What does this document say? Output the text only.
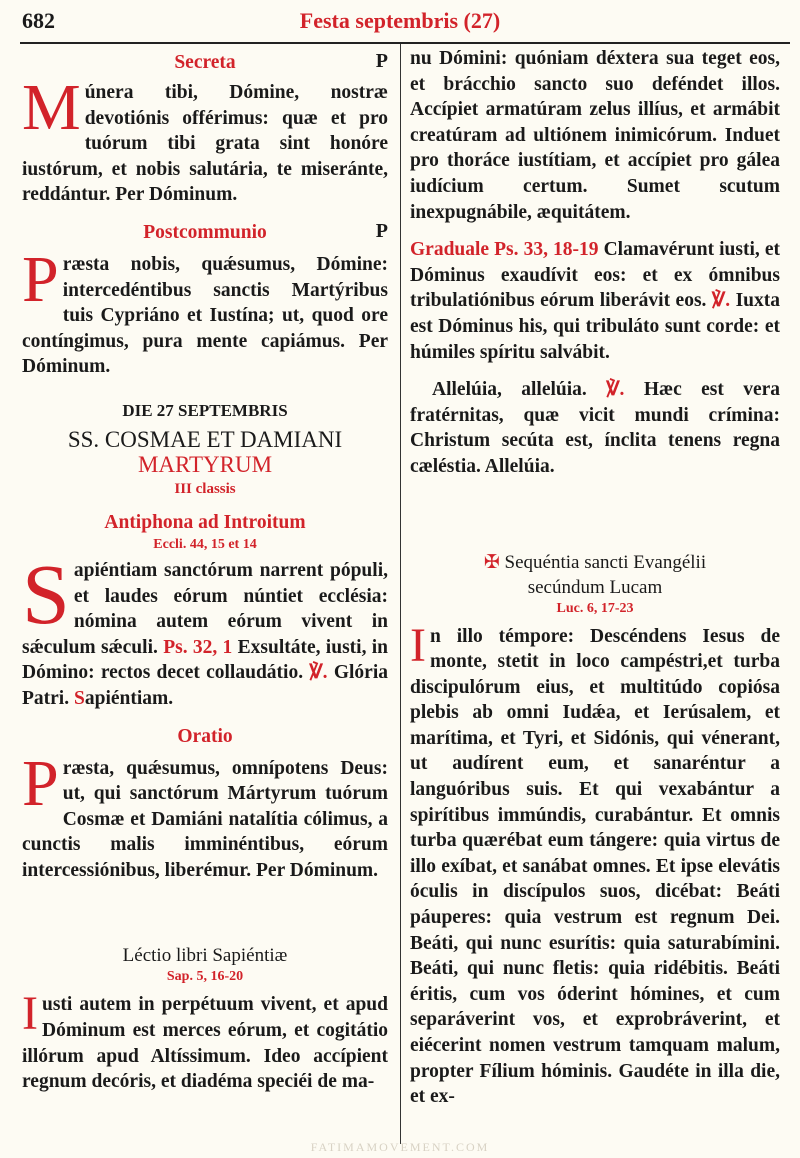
682	Festa septembris (27)
Secreta	P

Múnera tibi, Dómine, nostræ devotiónis offérimus: quæ et pro tuórum tibi grata sint honóre iustórum, et nobis salutária, te miseránte, reddántur. Per Dóminum.

Postcommunio	P

Præsta nobis, quǽsumus, Dómine: intercedéntibus sanctis Martýribus tuis Cypriáno et Iustína; ut, quod ore contíngimus, pura mente capiámus. Per Dóminum.

DIE 27 SEPTEMBRIS
SS. COSMAE ET DAMIANI
MARTYRUM
III classis
Antiphona ad Introitum
Eccli. 44, 15 et 14

Sapiéntiam sanctórum narrent pópuli, et laudes eórum núntiet ecclésia: nómina autem eórum vivent in sǽculum sǽculi. Ps. 32, 1 Exsultáte, iusti, in Dómino: rectos decet collaudátio. ℣. Glória Patri. Sapiéntiam.

Oratio

Præsta, quǽsumus, omnípotens Deus: ut, qui sanctórum Mártyrum tuórum Cosmæ et Damiáni natalítia cólimus, a cunctis malis imminéntibus, eórum intercessiónibus, liberémur. Per Dóminum.

Léctio libri Sapiéntiæ
Sap. 5, 16-20

Iusti autem in perpétuum vivent, et apud Dóminum est merces eórum, et cogitátio illórum apud Altíssimum. Ideo accípient regnum decóris, et diadéma speciéi de ma-

nu Dómini: quóniam déxtera sua teget eos, et brácchio sancto suo deféndet illos. Accípiet armatúram zelus illíus, et armábit creatúram ad ultiónem inimicórum. Induet pro thoráce iustítiam, et accípiet pro gálea iudícium certum. Sumet scutum inexpugnábile, æquitátem.

Graduale Ps. 33, 18-19 Clamavérunt iusti, et Dóminus exaudívit eos: et ex ómnibus tribulatiónibus eórum liberávit eos. ℣. Iuxta est Dóminus his, qui tribuláto sunt corde: et húmiles spíritu salvábit.

Allelúia, allelúia. ℣. Hæc est vera fratérnitas, quæ vicit mundi crímina: Christum secúta est, ínclita tenens regna cæléstia. Allelúia.

✠ Sequéntia sancti Evangélii
secúndum Lucam
Luc. 6, 17-23

In illo témpore: Descéndens Iesus de monte, stetit in loco campéstri,et turba discipulórum eius, et multitúdo copiósa plebis ab omni Iudǽa, et Ierúsalem, et marítima, et Tyri, et Sidónis, qui vénerant, ut audírent eum, et sanaréntur a languóribus suis. Et qui vexabántur a spirítibus immúndis, curabántur. Et omnis turba quærébat eum tángere: quia virtus de illo exíbat, et sanábat omnes. Et ipse elevátis óculis in discípulos suos, dicébat: Beáti páuperes: quia vestrum est regnum Dei. Beáti, qui nunc esurítis: quia saturabímini. Beáti, qui nunc fletis: quia ridébitis. Beáti éritis, cum vos óderint hómines, et cum separáverint vos, et exprobráverint, et eiécerint nomen vestrum tamquam malum, propter Fílium hóminis. Gaudéte in illa die, et ex-

FATIMAMOVEMENT.COM
